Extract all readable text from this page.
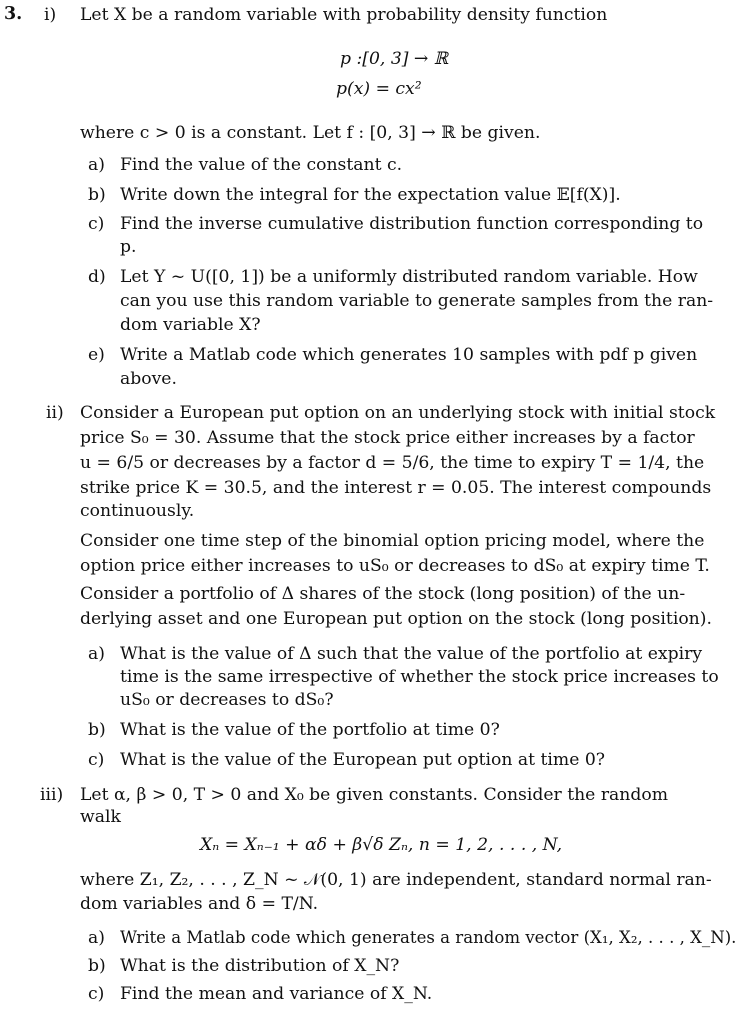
3. i) Let X be a random variable with probability density function
p :[0, 3] → ℝ
p(x) = cx²
where c > 0 is a constant. Let f : [0, 3] → ℝ be given.
a) Find the value of the constant c.
b) Write down the integral for the expectation value 𝔼[f(X)].
c) Find the inverse cumulative distribution function corresponding to
p.
d) Let Y ~ U([0, 1]) be a uniformly distributed random variable. How
can you use this random variable to generate samples from the ran-
dom variable X?
e) Write a Matlab code which generates 10 samples with pdf p given
above.
ii) Consider a European put option on an underlying stock with initial stock
price S₀ = 30. Assume that the stock price either increases by a factor
u = 6/5 or decreases by a factor d = 5/6, the time to expiry T = 1/4, the
strike price K = 30.5, and the interest r = 0.05. The interest compounds
continuously.
Consider one time step of the binomial option pricing model, where the
option price either increases to uS₀ or decreases to dS₀ at expiry time T.
Consider a portfolio of Δ shares of the stock (long position) of the un-
derlying asset and one European put option on the stock (long position).
a) What is the value of Δ such that the value of the portfolio at expiry
time is the same irrespective of whether the stock price increases to
uS₀ or decreases to dS₀?
b) What is the value of the portfolio at time 0?
c) What is the value of the European put option at time 0?
iii) Let α, β > 0, T > 0 and X₀ be given constants. Consider the random
walk
Xₙ = Xₙ₋₁ + αδ + β√δ Zₙ, n = 1, 2, . . . , N,
where Z₁, Z₂, . . . , Z_N ~ 𝒩(0, 1) are independent, standard normal ran-
dom variables and δ = T/N.
a) Write a Matlab code which generates a random vector (X₁, X₂, . . . , X_N).
b) What is the distribution of X_N?
c) Find the mean and variance of X_N.
